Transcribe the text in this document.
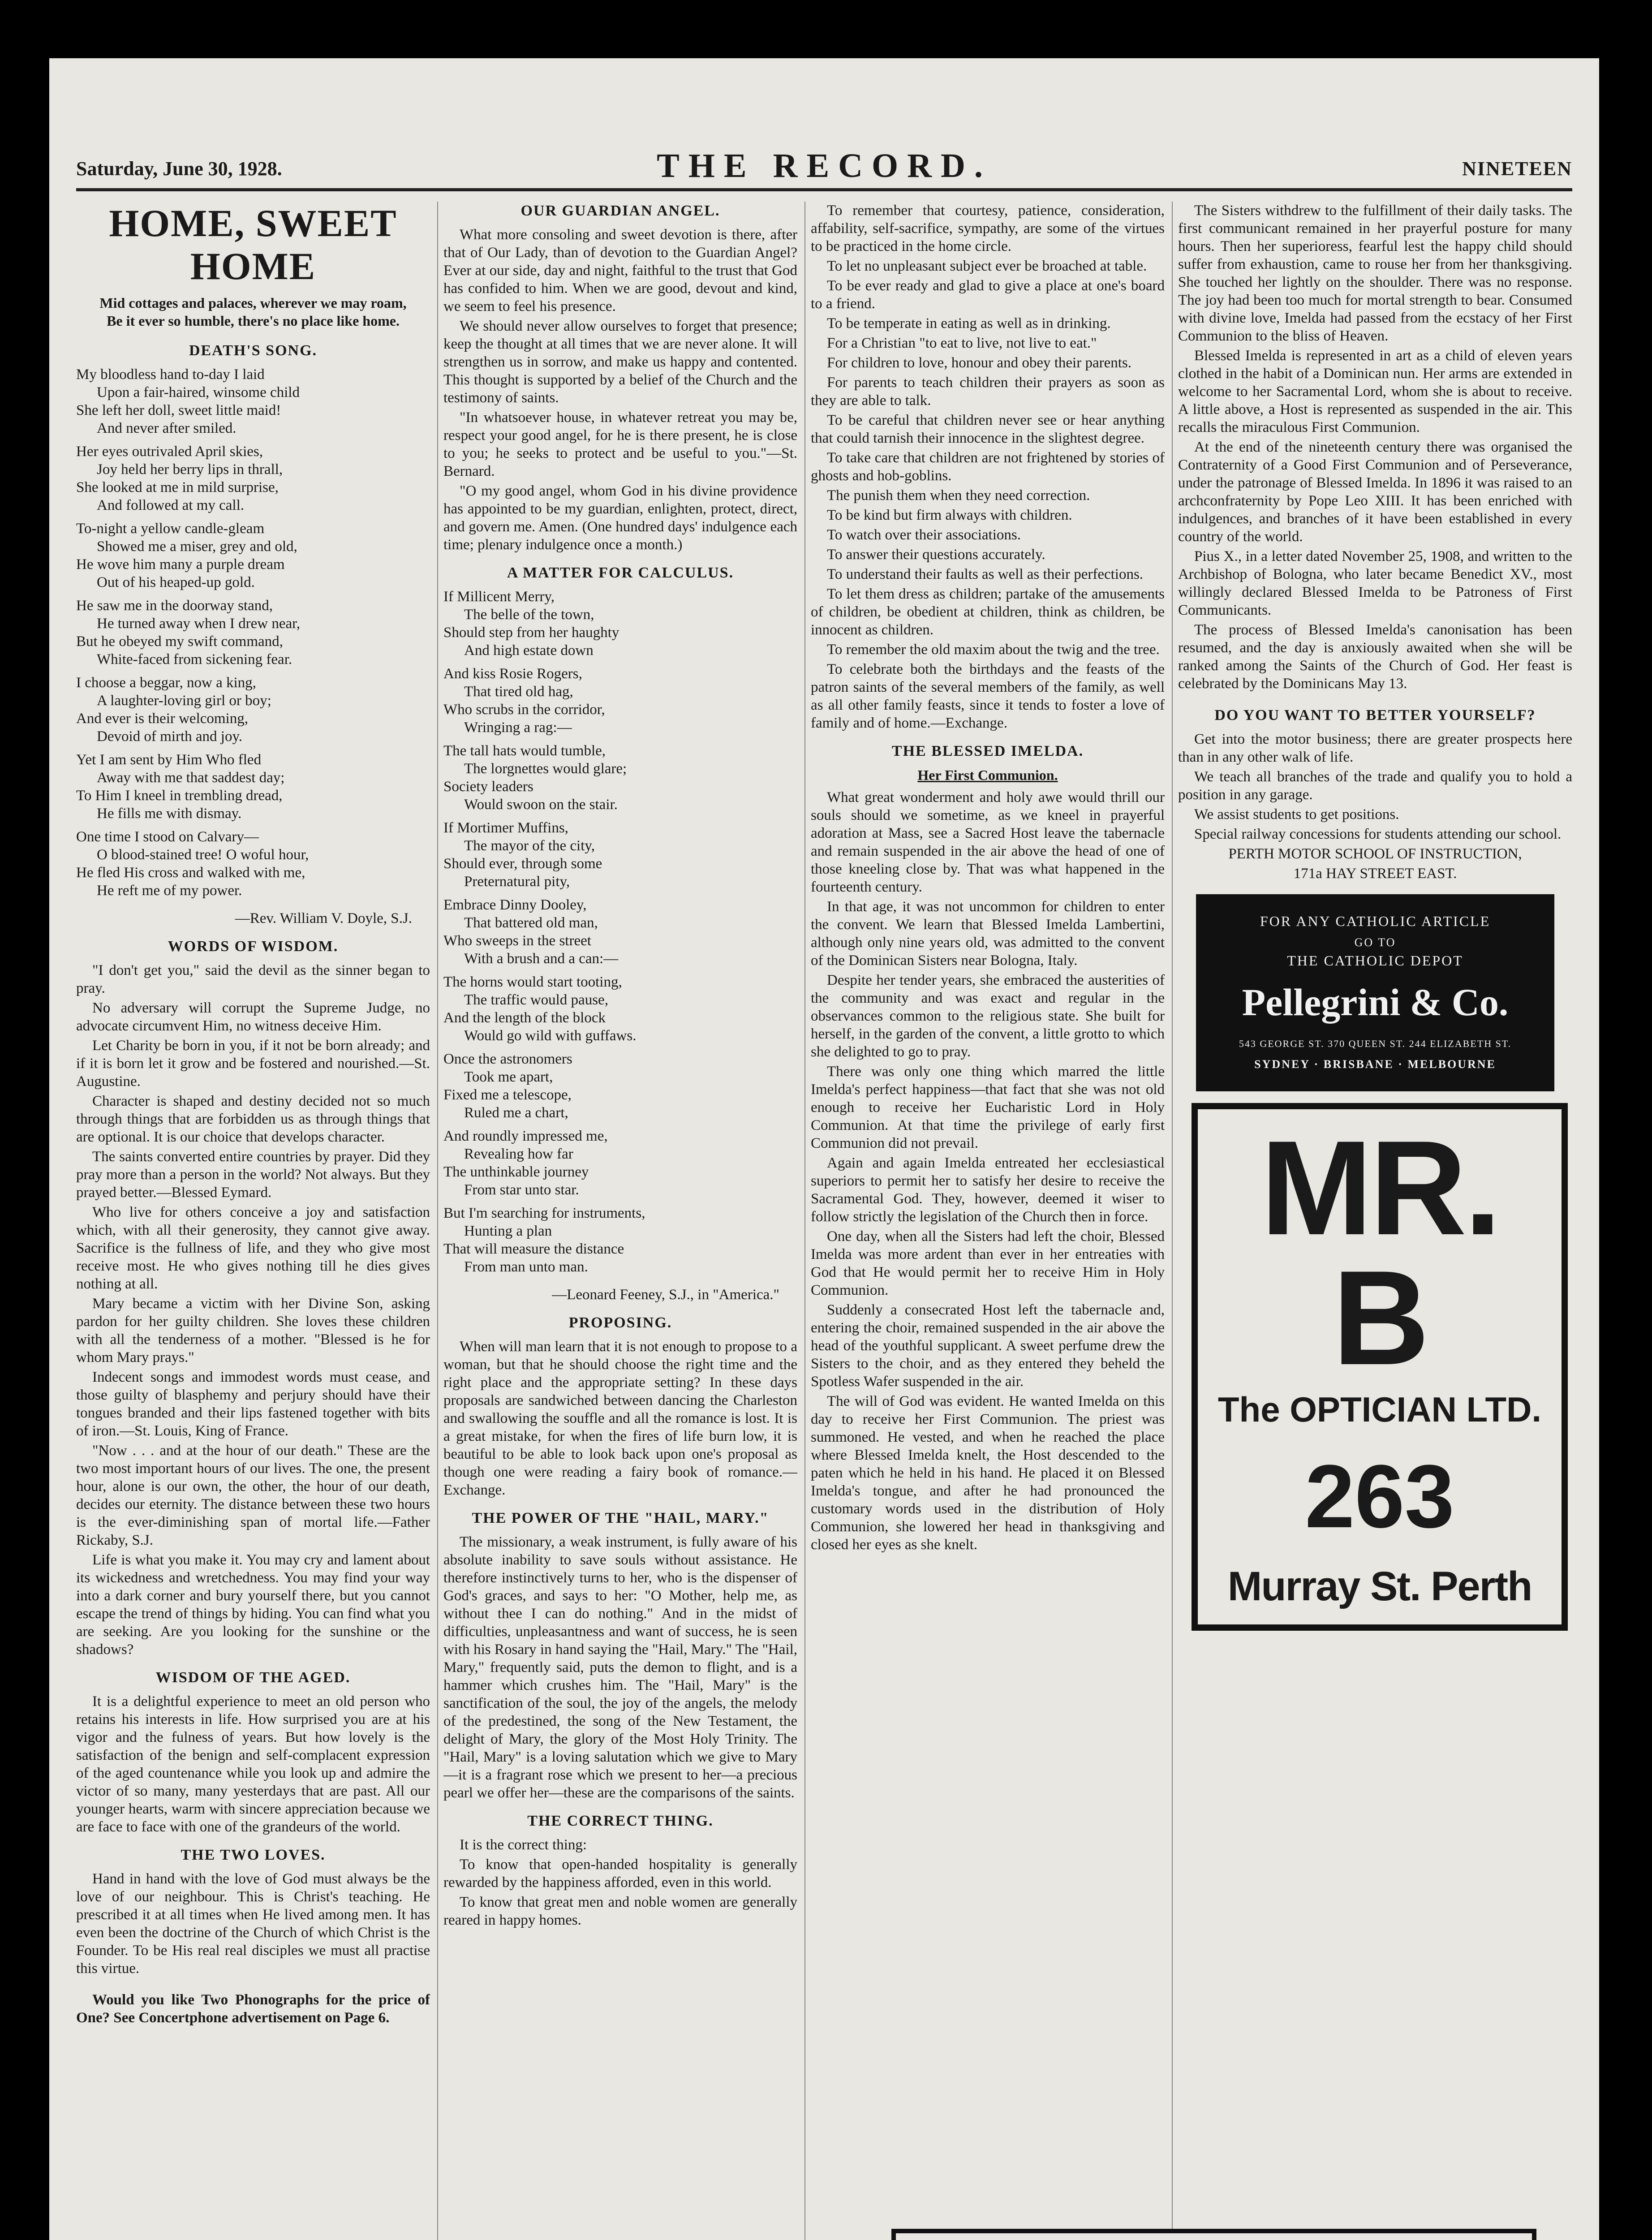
Saturday, June 30, 1928.	THE RECORD.	NINETEEN
HOME, SWEET HOME
Mid cottages and palaces, wherever we may roam,
Be it ever so humble, there's no place like home.
DEATH'S SONG.
My bloodless hand to-day I laid
Upon a fair-haired, winsome child
She left her doll, sweet little maid!
And never after smiled.
Her eyes outrivaled April skies,
Joy held her berry lips in thrall,
She looked at me in mild surprise,
And followed at my call.
To-night a yellow candle-gleam
Showed me a miser, grey and old,
He wove him many a purple dream
Out of his heaped-up gold.
He saw me in the doorway stand,
He turned away when I drew near,
But he obeyed my swift command,
White-faced from sickening fear.
I choose a beggar, now a king,
A laughter-loving girl or boy;
And ever is their welcoming,
Devoid of mirth and joy.
Yet I am sent by Him Who fled
Away with me that saddest day;
To Him I kneel in trembling dread,
He fills me with dismay.
One time I stood on Calvary—
O blood-stained tree! O woful hour,
He fled His cross and walked with me,
He reft me of my power.
—Rev. William V. Doyle, S.J.
WORDS OF WISDOM.

"I don't get you," said the devil as the sinner began to pray.

No adversary will corrupt the Supreme Judge, no advocate circumvent Him, no witness deceive Him.

Let Charity be born in you, if it not be born already; and if it is born let it grow and be fostered and nourished.—St. Augustine.

Character is shaped and destiny decided not so much through things that are forbidden us as through things that are optional. It is our choice that develops character.

The saints converted entire countries by prayer. Did they pray more than a person in the world? Not always. But they prayed better.—Blessed Eymard.

Who live for others conceive a joy and satisfaction which, with all their generosity, they cannot give away. Sacrifice is the fullness of life, and they who give most receive most. He who gives nothing till he dies gives nothing at all.

Mary became a victim with her Divine Son, asking pardon for her guilty children. She loves these children with all the tenderness of a mother. "Blessed is he for whom Mary prays."

Indecent songs and immodest words must cease, and those guilty of blasphemy and perjury should have their tongues branded and their lips fastened together with bits of iron.—St. Louis, King of France.

"Now . . . and at the hour of our death." These are the two most important hours of our lives. The one, the present hour, alone is our own, the other, the hour of our death, decides our eternity. The distance between these two hours is the ever-diminishing span of mortal life.—Father Rickaby, S.J.

Life is what you make it. You may cry and lament about its wickedness and wretchedness. You may find your way into a dark corner and bury yourself there, but you cannot escape the trend of things by hiding. You can find what you are seeking. Are you looking for the sunshine or the shadows?

WISDOM OF THE AGED.

It is a delightful experience to meet an old person who retains his interests in life. How surprised you are at his vigor and the fulness of years. But how lovely is the satisfaction of the benign and self-complacent expression of the aged countenance while you look up and admire the victor of so many, many yesterdays that are past. All our younger hearts, warm with sincere appreciation because we are face to face with one of the grandeurs of the world.

THE TWO LOVES.

Hand in hand with the love of God must always be the love of our neighbour. This is Christ's teaching. He prescribed it at all times when He lived among men. It has even been the doctrine of the Church of which Christ is the Founder. To be His real real disciples we must all practise this virtue.

Would you like Two Phonographs for the price of One? See Concertphone advertisement on Page 6.

OUR GUARDIAN ANGEL.

What more consoling and sweet devotion is there, after that of Our Lady, than of devotion to the Guardian Angel? Ever at our side, day and night, faithful to the trust that God has confided to him. When we are good, devout and kind, we seem to feel his presence.

We should never allow ourselves to forget that presence; keep the thought at all times that we are never alone. It will strengthen us in sorrow, and make us happy and contented. This thought is supported by a belief of the Church and the testimony of saints.

"In whatsoever house, in whatever retreat you may be, respect your good angel, for he is there present, he is close to you; he seeks to protect and be useful to you."—St. Bernard.

"O my good angel, whom God in his divine providence has appointed to be my guardian, enlighten, protect, direct, and govern me. Amen. (One hundred days' indulgence each time; plenary indulgence once a month.)

A MATTER FOR CALCULUS.
If Millicent Merry,
The belle of the town,
Should step from her haughty
And high estate down
And kiss Rosie Rogers,
That tired old hag,
Who scrubs in the corridor,
Wringing a rag:—
The tall hats would tumble,
The lorgnettes would glare;
Society leaders
Would swoon on the stair.
If Mortimer Muffins,
The mayor of the city,
Should ever, through some
Preternatural pity,
Embrace Dinny Dooley,
That battered old man,
Who sweeps in the street
With a brush and a can:—
The horns would start tooting,
The traffic would pause,
And the length of the block
Would go wild with guffaws.
Once the astronomers
Took me apart,
Fixed me a telescope,
Ruled me a chart,
And roundly impressed me,
Revealing how far
The unthinkable journey
From star unto star.
But I'm searching for instruments,
Hunting a plan
That will measure the distance
From man unto man.
—Leonard Feeney, S.J., in "America."
PROPOSING.

When will man learn that it is not enough to propose to a woman, but that he should choose the right time and the right place and the appropriate setting? In these days proposals are sandwiched between dancing the Charleston and swallowing the souffle and all the romance is lost. It is a great mistake, for when the fires of life burn low, it is beautiful to be able to look back upon one's proposal as though one were reading a fairy book of romance.—Exchange.

THE POWER OF THE "HAIL, MARY."

The missionary, a weak instrument, is fully aware of his absolute inability to save souls without assistance. He therefore instinctively turns to her, who is the dispenser of God's graces, and says to her: "O Mother, help me, as without thee I can do nothing." And in the midst of difficulties, unpleasantness and want of success, he is seen with his Rosary in hand saying the "Hail, Mary." The "Hail, Mary," frequently said, puts the demon to flight, and is a hammer which crushes him. The "Hail, Mary" is the sanctification of the soul, the joy of the angels, the melody of the predestined, the song of the New Testament, the delight of Mary, the glory of the Most Holy Trinity. The "Hail, Mary" is a loving salutation which we give to Mary—it is a fragrant rose which we present to her—a precious pearl we offer her—these are the comparisons of the saints.

THE CORRECT THING.

It is the correct thing:

To know that open-handed hospitality is generally rewarded by the happiness afforded, even in this world.

To know that great men and noble women are generally reared in happy homes.

To remember that courtesy, patience, consideration, affability, self-sacrifice, sympathy, are some of the virtues to be practiced in the home circle.

To let no unpleasant subject ever be broached at table.

To be ever ready and glad to give a place at one's board to a friend.

To be temperate in eating as well as in drinking.

For a Christian "to eat to live, not live to eat."

For children to love, honour and obey their parents.

For parents to teach children their prayers as soon as they are able to talk.

To be careful that children never see or hear anything that could tarnish their innocence in the slightest degree.

To take care that children are not frightened by stories of ghosts and hob-goblins.

The punish them when they need correction.

To be kind but firm always with children.

To watch over their associations.

To answer their questions accurately.

To understand their faults as well as their perfections.

To let them dress as children; partake of the amusements of children, be obedient at children, think as children, be innocent as children.

To remember the old maxim about the twig and the tree.

To celebrate both the birthdays and the feasts of the patron saints of the several members of the family, as well as all other family feasts, since it tends to foster a love of family and of home.—Exchange.

THE BLESSED IMELDA.
Her First Communion.

What great wonderment and holy awe would thrill our souls should we sometime, as we kneel in prayerful adoration at Mass, see a Sacred Host leave the tabernacle and remain suspended in the air above the head of one of those kneeling close by. That was what happened in the fourteenth century.

In that age, it was not uncommon for children to enter the convent. We learn that Blessed Imelda Lambertini, although only nine years old, was admitted to the convent of the Dominican Sisters near Bologna, Italy.

Despite her tender years, she embraced the austerities of the community and was exact and regular in the observances common to the religious state. She built for herself, in the garden of the convent, a little grotto to which she delighted to go to pray.

There was only one thing which marred the little Imelda's perfect happiness—that fact that she was not old enough to receive her Eucharistic Lord in Holy Communion. At that time the privilege of early first Communion did not prevail.

Again and again Imelda entreated her ecclesiastical superiors to permit her to satisfy her desire to receive the Sacramental God. They, however, deemed it wiser to follow strictly the legislation of the Church then in force.

One day, when all the Sisters had left the choir, Blessed Imelda was more ardent than ever in her entreaties with God that He would permit her to receive Him in Holy Communion.

Suddenly a consecrated Host left the tabernacle and, entering the choir, remained suspended in the air above the head of the youthful supplicant. A sweet perfume drew the Sisters to the choir, and as they entered they beheld the Spotless Wafer suspended in the air.

The will of God was evident. He wanted Imelda on this day to receive her First Communion. The priest was summoned. He vested, and when he reached the place where Blessed Imelda knelt, the Host descended to the paten which he held in his hand. He placed it on Blessed Imelda's tongue, and after he had pronounced the customary words used in the distribution of Holy Communion, she lowered her head in thanksgiving and closed her eyes as she knelt.

The Sisters withdrew to the fulfillment of their daily tasks. The first communicant remained in her prayerful posture for many hours. Then her superioress, fearful lest the happy child should suffer from exhaustion, came to rouse her from her thanksgiving. She touched her lightly on the shoulder. There was no response. The joy had been too much for mortal strength to bear. Consumed with divine love, Imelda had passed from the ecstacy of her First Communion to the bliss of Heaven.

Blessed Imelda is represented in art as a child of eleven years clothed in the habit of a Dominican nun. Her arms are extended in welcome to her Sacramental Lord, whom she is about to receive. A little above, a Host is represented as suspended in the air. This recalls the miraculous First Communion.

At the end of the nineteenth century there was organised the Contraternity of a Good First Communion and of Perseverance, under the patronage of Blessed Imelda. In 1896 it was raised to an archconfraternity by Pope Leo XIII. It has been enriched with indulgences, and branches of it have been established in every country of the world.

Pius X., in a letter dated November 25, 1908, and written to the Archbishop of Bologna, who later became Benedict XV., most willingly declared Blessed Imelda to be Patroness of First Communicants.

The process of Blessed Imelda's canonisation has been resumed, and the day is anxiously awaited when she will be ranked among the Saints of the Church of God. Her feast is celebrated by the Dominicans May 13.

DO YOU WANT TO BETTER YOURSELF?

Get into the motor business; there are greater prospects here than in any other walk of life.

We teach all branches of the trade and qualify you to hold a position in any garage.

We assist students to get positions.

Special railway concessions for students attending our school.

PERTH MOTOR SCHOOL OF INSTRUCTION,

171a HAY STREET EAST.

FOR ANY CATHOLIC ARTICLE
GO TO
THE CATHOLIC DEPOT
Pellegrini & Co.
543 GEORGE ST. 370 QUEEN ST. 244 ELIZABETH ST.
SYDNEY · BRISBANE · MELBOURNE
MR. B
The OPTICIAN LTD.
263
Murray St. Perth
